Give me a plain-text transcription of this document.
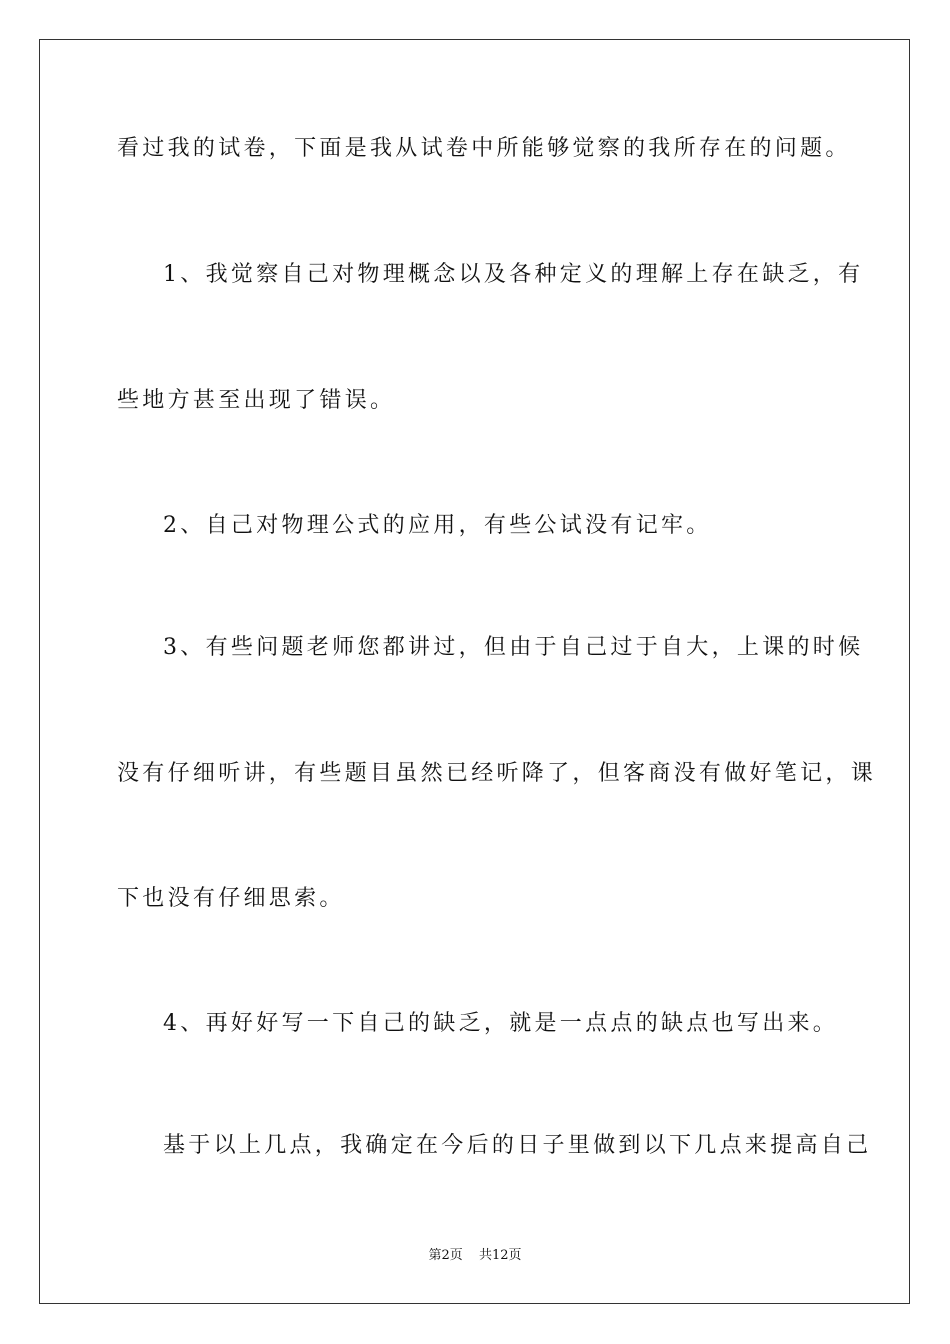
看过我的试卷，下面是我从试卷中所能够觉察的我所存在的问题。
1、我觉察自己对物理概念以及各种定义的理解上存在缺乏，有
些地方甚至出现了错误。
2、自己对物理公式的应用，有些公试没有记牢。
3、有些问题老师您都讲过，但由于自己过于自大，上课的时候
没有仔细听讲，有些题目虽然已经听降了，但客商没有做好笔记，课
下也没有仔细思索。
4、再好好写一下自己的缺乏，就是一点点的缺点也写出来。
基于以上几点，我确定在今后的日子里做到以下几点来提高自己
第2页 共12页
